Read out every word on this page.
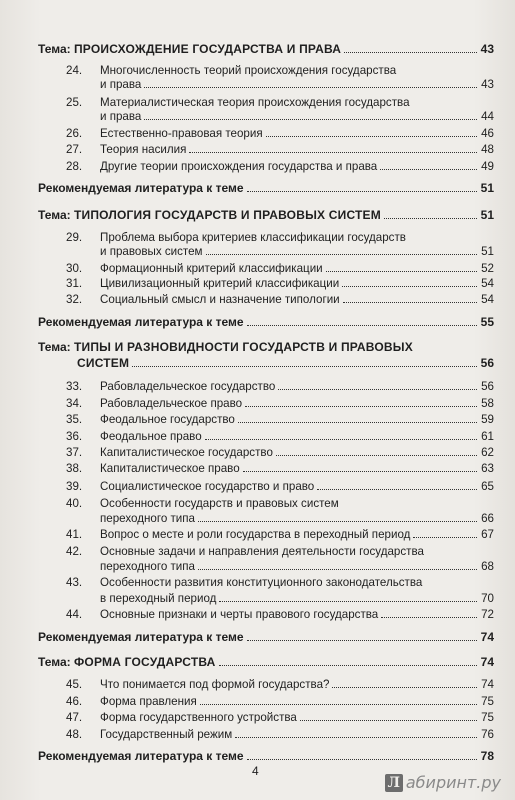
Тема: ПРОИСХОЖДЕНИЕ ГОСУДАРСТВА И ПРАВА	43
24. Многочисленность теорий происхождения государства
и права	43
25. Материалистическая теория происхождения государства
и права	44
26. Естественно-правовая теория	46
27. Теория насилия	48
28. Другие теории происхождения государства и права	49
Рекомендуемая литература к теме	51
Тема: ТИПОЛОГИЯ ГОСУДАРСТВ И ПРАВОВЫХ СИСТЕМ	51
29. Проблема выбора критериев классификации государств
и правовых систем	51
30. Формационный критерий классификации	52
31. Цивилизационный критерий классификации	54
32. Социальный смысл и назначение типологии	54
Рекомендуемая литература к теме	55
Тема: ТИПЫ И РАЗНОВИДНОСТИ ГОСУДАРСТВ И ПРАВОВЫХ
СИСТЕМ	56
33. Рабовладельческое государство	56
34. Рабовладельческое право	58
35. Феодальное государство	59
36. Феодальное право	61
37. Капиталистическое государство	62
38. Капиталистическое право	63
39. Социалистическое государство и право	65
40. Особенности государств и правовых систем
переходного типа	66
41. Вопрос о месте и роли государства в переходный период	67
42. Основные задачи и направления деятельности государства
переходного типа	68
43. Особенности развития конституционного законодательства
в переходный период	70
44. Основные признаки и черты правового государства	72
Рекомендуемая литература к теме	74
Тема: ФОРМА ГОСУДАРСТВА	74
45. Что понимается под формой государства?	74
46. Форма правления	75
47. Форма государственного устройства	75
48. Государственный режим	76
Рекомендуемая литература к теме	78
4
Л абиринт.ру
